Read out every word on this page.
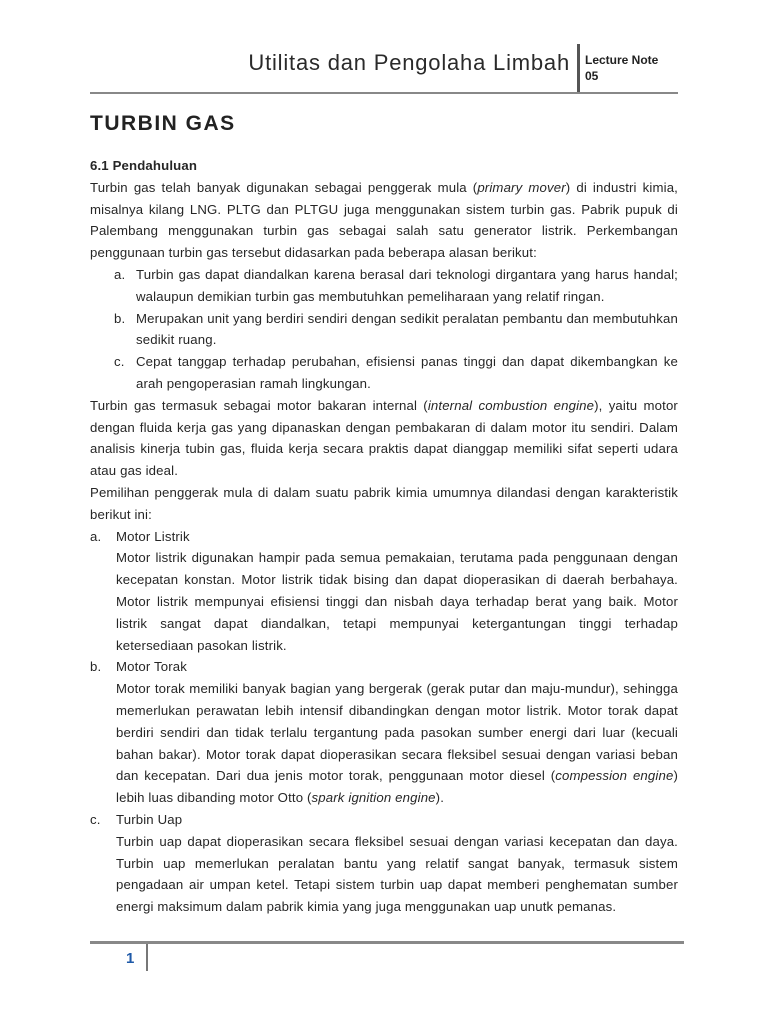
Utilitas dan Pengolaha Limbah Lecture Note
05
TURBIN GAS
6.1 Pendahuluan
Turbin gas telah banyak digunakan sebagai penggerak mula (primary mover) di industri kimia, misalnya kilang LNG. PLTG dan PLTGU juga menggunakan sistem turbin gas. Pabrik pupuk di Palembang menggunakan turbin gas sebagai salah satu generator listrik. Perkembangan penggunaan turbin gas tersebut didasarkan pada beberapa alasan berikut:
a. Turbin gas dapat diandalkan karena berasal dari teknologi dirgantara yang harus handal; walaupun demikian turbin gas membutuhkan pemeliharaan yang relatif ringan.
b. Merupakan unit yang berdiri sendiri dengan sedikit peralatan pembantu dan membutuhkan sedikit ruang.
c. Cepat tanggap terhadap perubahan, efisiensi panas tinggi dan dapat dikembangkan ke arah pengoperasian ramah lingkungan.
Turbin gas termasuk sebagai motor bakaran internal (internal combustion engine), yaitu motor dengan fluida kerja gas yang dipanaskan dengan pembakaran di dalam motor itu sendiri. Dalam analisis kinerja tubin gas, fluida kerja secara praktis dapat dianggap memiliki sifat seperti udara atau gas ideal.
Pemilihan penggerak mula di dalam suatu pabrik kimia umumnya dilandasi dengan karakteristik berikut ini:
a. Motor Listrik
Motor listrik digunakan hampir pada semua pemakaian, terutama pada penggunaan dengan kecepatan konstan. Motor listrik tidak bising dan dapat dioperasikan di daerah berbahaya. Motor listrik mempunyai efisiensi tinggi dan nisbah daya terhadap berat yang baik. Motor listrik sangat dapat diandalkan, tetapi mempunyai ketergantungan tinggi terhadap ketersediaan pasokan listrik.
b. Motor Torak
Motor torak memiliki banyak bagian yang bergerak (gerak putar dan maju-mundur), sehingga memerlukan perawatan lebih intensif dibandingkan dengan motor listrik. Motor torak dapat berdiri sendiri dan tidak terlalu tergantung pada pasokan sumber energi dari luar (kecuali bahan bakar). Motor torak dapat dioperasikan secara fleksibel sesuai dengan variasi beban dan kecepatan. Dari dua jenis motor torak, penggunaan motor diesel (compession engine) lebih luas dibanding motor Otto (spark ignition engine).
c. Turbin Uap
Turbin uap dapat dioperasikan secara fleksibel sesuai dengan variasi kecepatan dan daya. Turbin uap memerlukan peralatan bantu yang relatif sangat banyak, termasuk sistem pengadaan air umpan ketel. Tetapi sistem turbin uap dapat memberi penghematan sumber energi maksimum dalam pabrik kimia yang juga menggunakan uap unutk pemanas.
1
